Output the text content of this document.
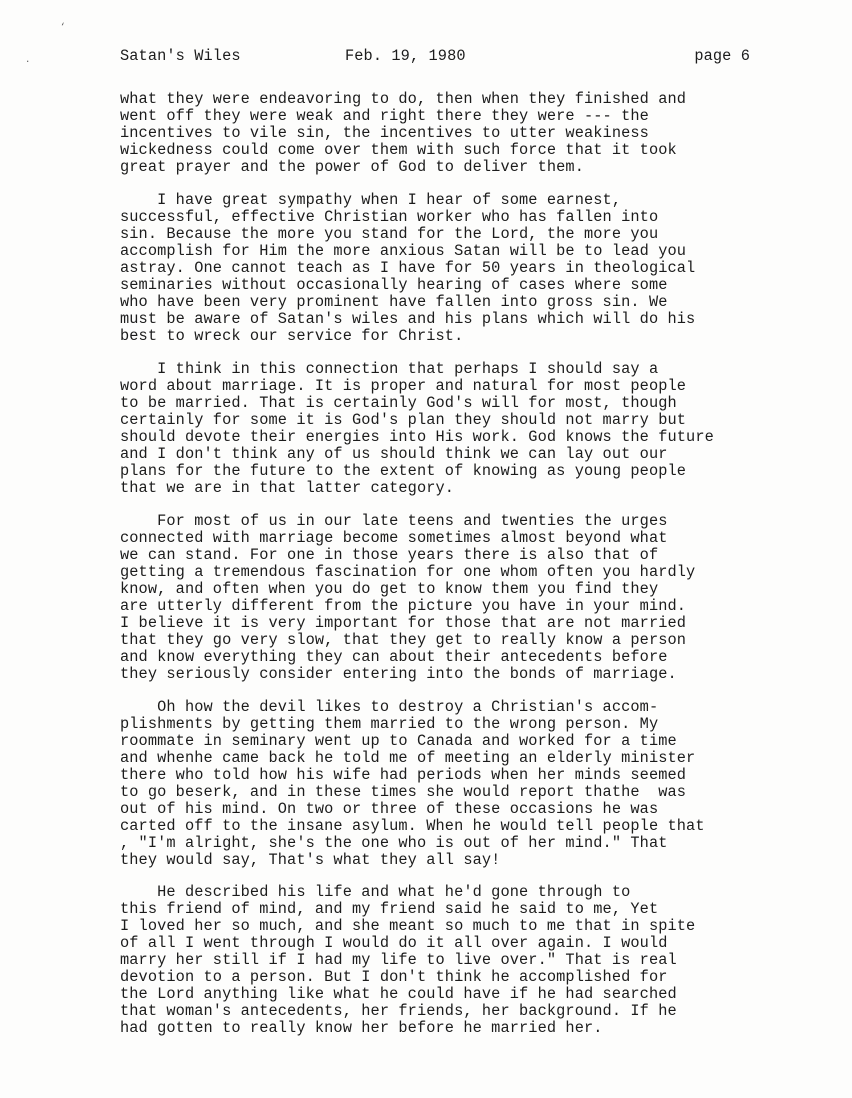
‘
·	Satan's Wiles	Feb. 19, 1980	page 6
what they were endeavoring to do, then when they finished and
went off they were weak and right there they were --- the
incentives to vile sin, the incentives to utter weakiness
wickedness could come over them with such force that it took
great prayer and the power of God to deliver them.
I have great sympathy when I hear of some earnest,
successful, effective Christian worker who has fallen into
sin. Because the more you stand for the Lord, the more you
accomplish for Him the more anxious Satan will be to lead you
astray. One cannot teach as I have for 50 years in theological
seminaries without occasionally hearing of cases where some
who have been very prominent have fallen into gross sin. We
must be aware of Satan's wiles and his plans which will do his
best to wreck our service for Christ.
I think in this connection that perhaps I should say a
word about marriage. It is proper and natural for most people
to be married. That is certainly God's will for most, though
certainly for some it is God's plan they should not marry but
should devote their energies into His work. God knows the future
and I don't think any of us should think we can lay out our
plans for the future to the extent of knowing as young people
that we are in that latter category.
For most of us in our late teens and twenties the urges
connected with marriage become sometimes almost beyond what
we can stand. For one in those years there is also that of
getting a tremendous fascination for one whom often you hardly
know, and often when you do get to know them you find they
are utterly different from the picture you have in your mind.
I believe it is very important for those that are not married
that they go very slow, that they get to really know a person
and know everything they can about their antecedents before
they seriously consider entering into the bonds of marriage.
Oh how the devil likes to destroy a Christian's accom-
plishments by getting them married to the wrong person. My
roommate in seminary went up to Canada and worked for a time
and whenhe came back he told me of meeting an elderly minister
there who told how his wife had periods when her minds seemed
to go beserk, and in these times she would report thathe  was
out of his mind. On two or three of these occasions he was
carted off to the insane asylum. When he would tell people that
, "I'm alright, she's the one who is out of her mind." That
they would say, That's what they all say!
He described his life and what he'd gone through to
this friend of mind, and my friend said he said to me, Yet
I loved her so much, and she meant so much to me that in spite
of all I went through I would do it all over again. I would
marry her still if I had my life to live over." That is real
devotion to a person. But I don't think he accomplished for
the Lord anything like what he could have if he had searched
that woman's antecedents, her friends, her background. If he
had gotten to really know her before he married her.
